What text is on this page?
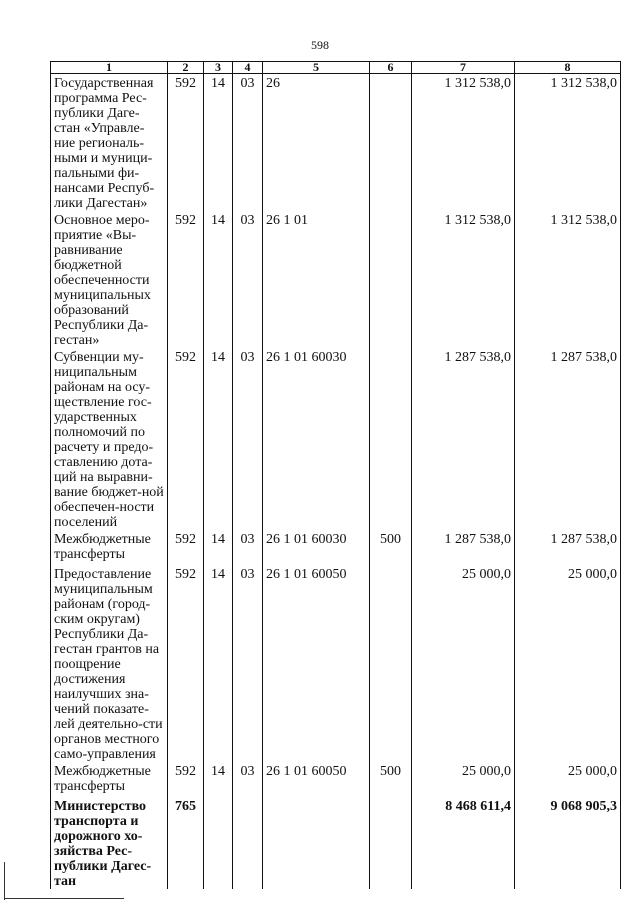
598
1	2	3	4	5	6	7	8
Государственная программа Рес-публики Даге-стан «Управле-ние региональ-ными и муници-пальными фи-нансами Респуб-лики Дагестан»	592	14	03	26		1 312 538,0	1 312 538,0
Основное меро-приятие «Вы-равнивание бюджетной обеспеченности муниципальных образований Республики Да-гестан»	592	14	03	26 1 01		1 312 538,0	1 312 538,0
Субвенции му-ниципальным районам на осу-ществление гос-ударственных полномочий по расчету и предо-ставлению дота-ций на выравни-вание бюджет-ной обеспечен-ности поселений	592	14	03	26 1 01 60030		1 287 538,0	1 287 538,0
Межбюджетные трансферты	592	14	03	26 1 01 60030	500	1 287 538,0	1 287 538,0
Предоставление муниципальным районам (город-ским округам) Республики Да-гестан грантов на поощрение достижения наилучших зна-чений показате-лей деятельно-сти органов местного само-управления	592	14	03	26 1 01 60050		25 000,0	25 000,0
Межбюджетные трансферты	592	14	03	26 1 01 60050	500	25 000,0	25 000,0
Министерство транспорта и дорожного хо-зяйства Рес-публики Дагес-тан	765					8 468 611,4	9 068 905,3
